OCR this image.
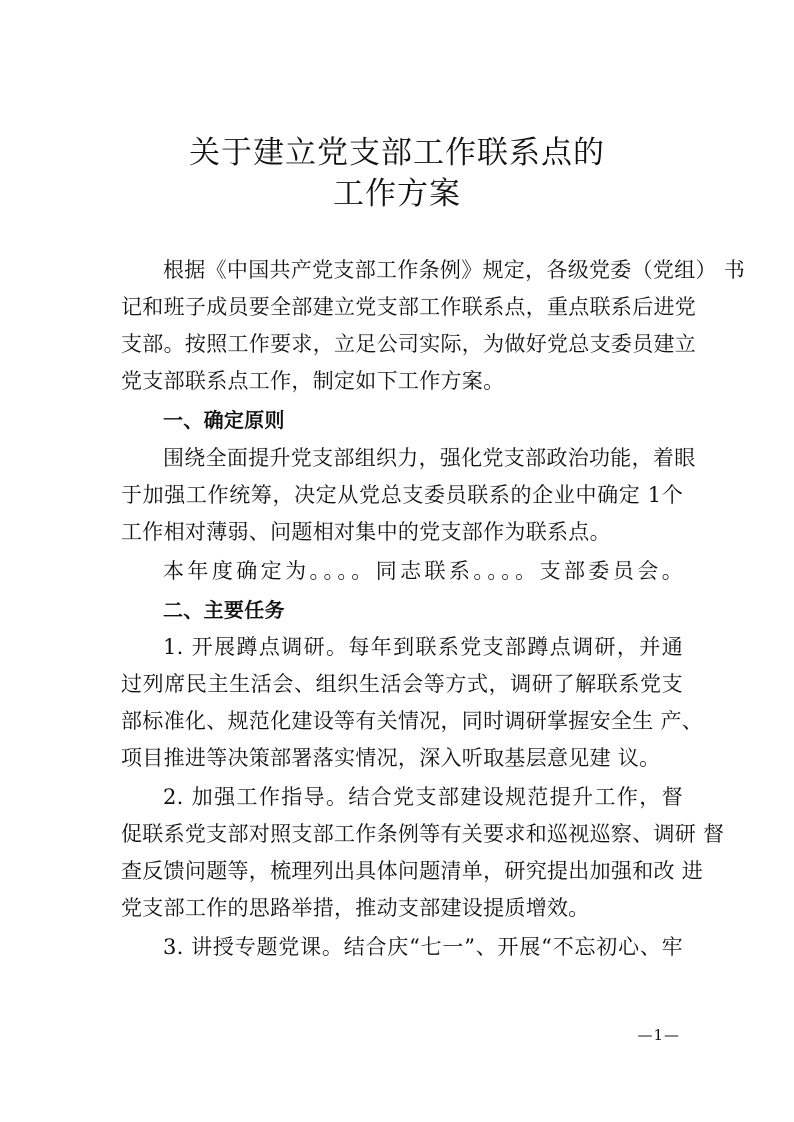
关于建立党支部工作联系点的
工作方案
根据《中国共产党支部工作条例》规定，各级党委（党组） 书
记和班子成员要全部建立党支部工作联系点，重点联系后进党
支部。按照工作要求，立足公司实际，为做好党总支委员建立
党支部联系点工作，制定如下工作方案。
一、确定原则
围绕全面提升党支部组织力，强化党支部政治功能，着眼
于加强工作统筹，决定从党总支委员联系的企业中确定 1个
工作相对薄弱、问题相对集中的党支部作为联系点。
本年度确定为。。。。同志联系。。。。支部委员会。
二、主要任务
1. 开展蹲点调研。每年到联系党支部蹲点调研，并通
过列席民主生活会、组织生活会等方式，调研了解联系党支
部标准化、规范化建设等有关情况，同时调研掌握安全生 产、
项目推进等决策部署落实情况，深入听取基层意见建 议。
2. 加强工作指导。结合党支部建设规范提升工作，督
促联系党支部对照支部工作条例等有关要求和巡视巡察、调研 督
查反馈问题等，梳理列出具体问题清单，研究提出加强和改 进
党支部工作的思路举措，推动支部建设提质增效。
3. 讲授专题党课。结合庆“七一”、开展“不忘初心、牢
—1—
